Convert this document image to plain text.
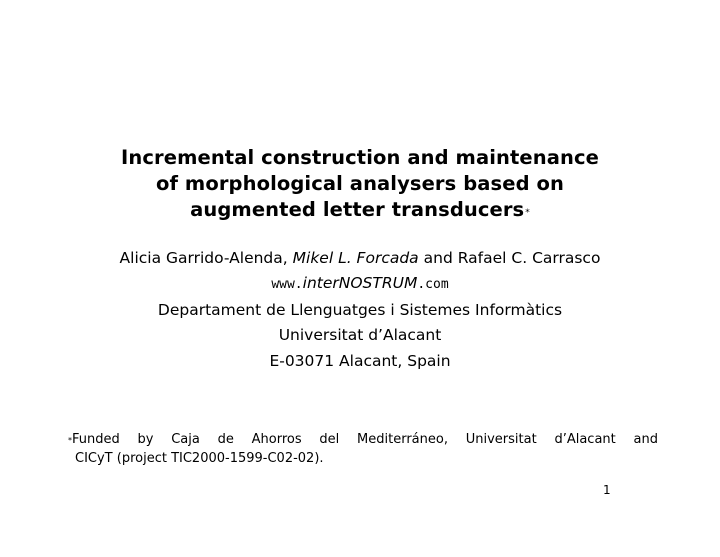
Incremental construction and maintenance
of morphological analysers based on
augmented letter transducers*
Alicia Garrido-Alenda, Mikel L. Forcada and Rafael C. Carrasco
www.interNOSTRUM.com
Departament de Llenguatges i Sistemes Informàtics
Universitat d’Alacant
E-03071 Alacant, Spain
*Funded by Caja de Ahorros del Mediterráneo, Universitat d’Alacant and
CICyT (project TIC2000-1599-C02-02).
1
